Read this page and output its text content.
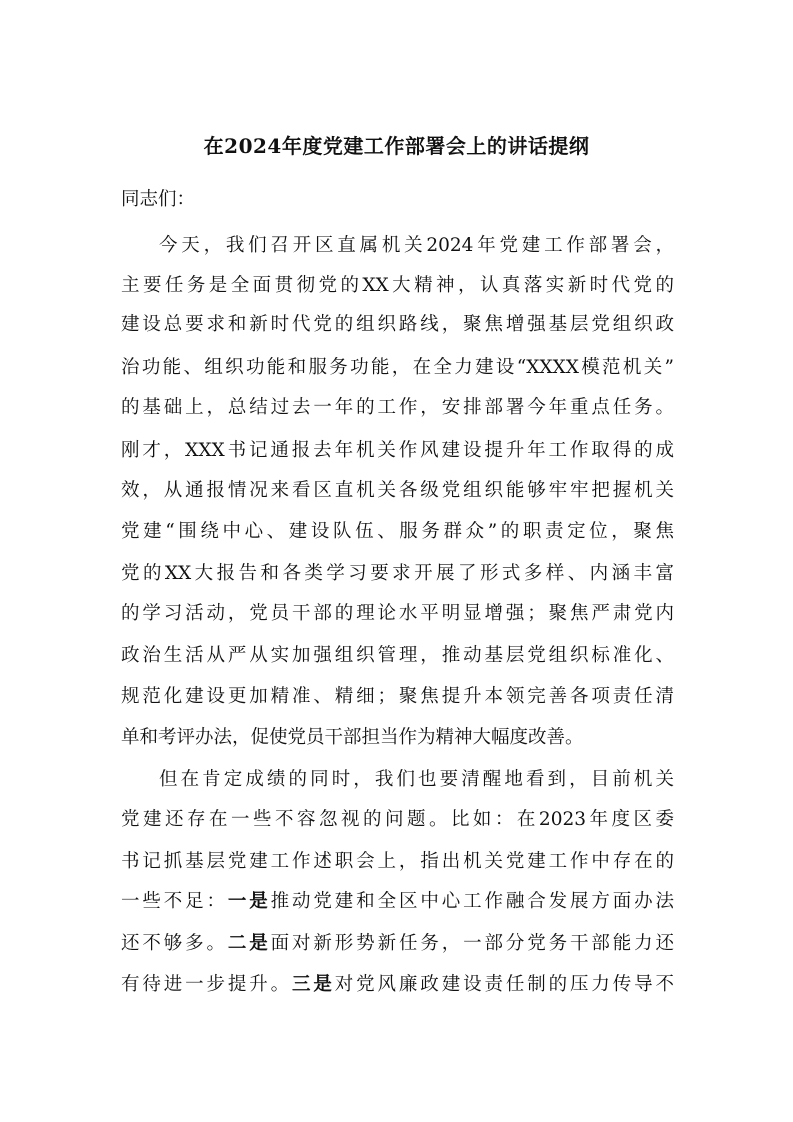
在2024年度党建工作部署会上的讲话提纲
同志们：
今天，我们召开区直属机关2024年党建工作部署会，
主要任务是全面贯彻党的XX大精神，认真落实新时代党的
建设总要求和新时代党的组织路线，聚焦增强基层党组织政
治功能、组织功能和服务功能，在全力建设“XXXX模范机关”
的基础上，总结过去一年的工作，安排部署今年重点任务。
刚才，XXX书记通报去年机关作风建设提升年工作取得的成
效，从通报情况来看区直机关各级党组织能够牢牢把握机关
党建“围绕中心、建设队伍、服务群众”的职责定位，聚焦
党的XX大报告和各类学习要求开展了形式多样、内涵丰富
的学习活动，党员干部的理论水平明显增强；聚焦严肃党内
政治生活从严从实加强组织管理，推动基层党组织标准化、
规范化建设更加精准、精细；聚焦提升本领完善各项责任清
单和考评办法，促使党员干部担当作为精神大幅度改善。
但在肯定成绩的同时，我们也要清醒地看到，目前机关
党建还存在一些不容忽视的问题。比如：在2023年度区委
书记抓基层党建工作述职会上，指出机关党建工作中存在的
一些不足：一是推动党建和全区中心工作融合发展方面办法
还不够多。二是面对新形势新任务，一部分党务干部能力还
有待进一步提升。三是对党风廉政建设责任制的压力传导不
